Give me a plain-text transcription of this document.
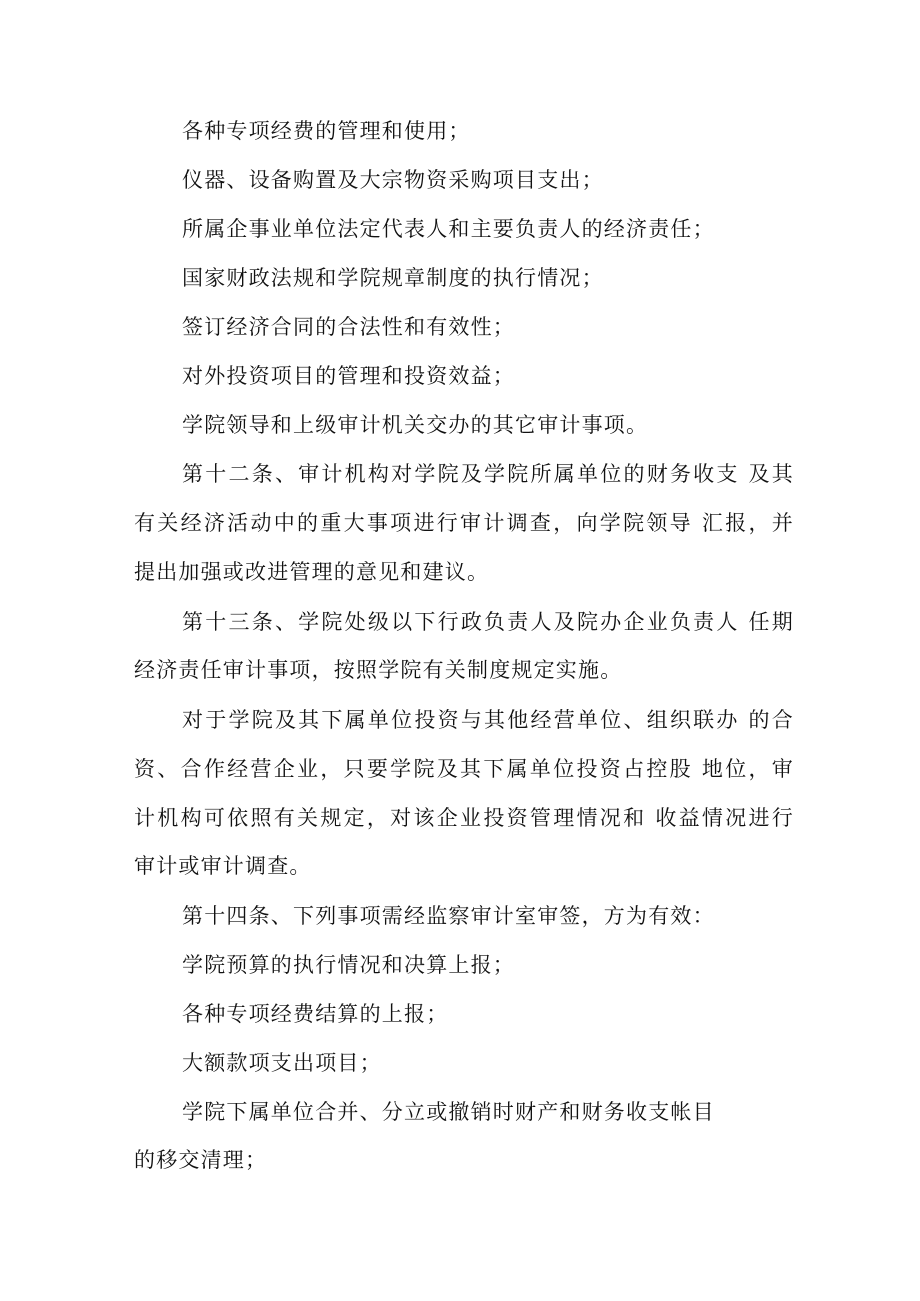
各种专项经费的管理和使用；
仪器、设备购置及大宗物资采购项目支出；
所属企事业单位法定代表人和主要负责人的经济责任；
国家财政法规和学院规章制度的执行情况；
签订经济合同的合法性和有效性；
对外投资项目的管理和投资效益；
学院领导和上级审计机关交办的其它审计事项。
第十二条、审计机构对学院及学院所属单位的财务收支 及其
有关经济活动中的重大事项进行审计调查，向学院领导 汇报，并
提出加强或改进管理的意见和建议。
第十三条、学院处级以下行政负责人及院办企业负责人 任期
经济责任审计事项，按照学院有关制度规定实施。
对于学院及其下属单位投资与其他经营单位、组织联办 的合
资、合作经营企业，只要学院及其下属单位投资占控股 地位，审
计机构可依照有关规定，对该企业投资管理情况和 收益情况进行
审计或审计调查。
第十四条、下列事项需经监察审计室审签，方为有效：
学院预算的执行情况和决算上报；
各种专项经费结算的上报；
大额款项支出项目；
学院下属单位合并、分立或撤销时财产和财务收支帐目
的移交清理；
